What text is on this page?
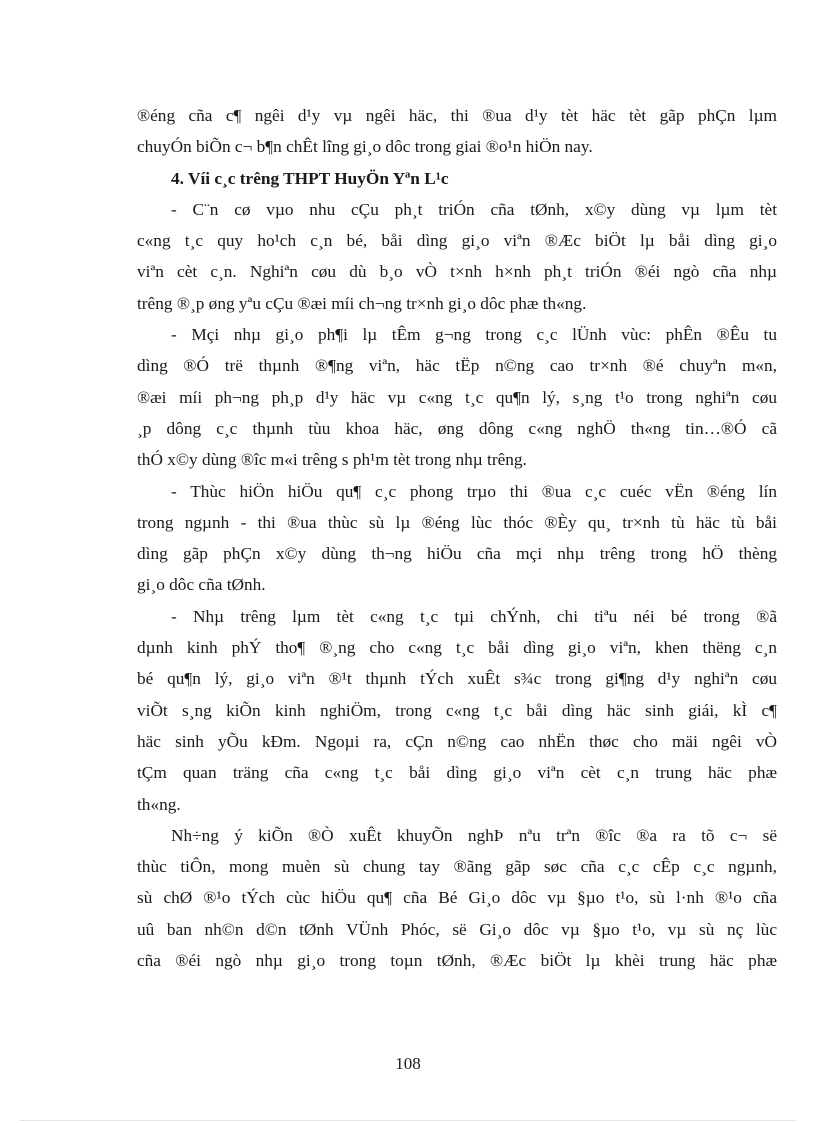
®éng cña c¶ ngêi d¹y vµ ngêi häc, thi ®ua d¹y tèt häc tèt gãp phÇn lµm
chuyÓn biÕn c¬ b¶n chÊt lîng gi¸o dôc trong giai ®o¹n hiÖn nay.
4. Víi c¸c trêng THPT HuyÖn Yªn L¹c
- C¨n cø vµo nhu cÇu ph¸t triÓn cña tØnh, x©y dùng vµ lµm tèt
c«ng t¸c quy ho¹ch c¸n bé, båi dìng gi¸o viªn ®Æc biÖt lµ båi dìng gi¸o
viªn cèt c¸n. Nghiªn cøu dù b¸o vÒ t×nh h×nh ph¸t triÓn ®éi ngò cña nhµ
trêng ®¸p øng yªu cÇu ®æi míi ch¬ng tr×nh gi¸o dôc phæ th«ng.
- Mçi nhµ gi¸o ph¶i lµ tÊm g¬ng trong c¸c lÜnh vùc: phÊn ®Êu tu
dìng ®Ó trë thµnh ®¶ng viªn, häc tËp n©ng cao tr×nh ®é chuyªn m«n,
®æi míi ph¬ng ph¸p d¹y häc vµ c«ng t¸c qu¶n lý, s¸ng t¹o trong nghiªn cøu
¸p dông c¸c thµnh tùu khoa häc, øng dông c«ng nghÖ th«ng tin…®Ó cã
thÓ x©y dùng ®îc m«i trêng s ph¹m tèt trong nhµ trêng.
- Thùc hiÖn hiÖu qu¶ c¸c phong trµo thi ®ua c¸c cuéc vËn ®éng lín
trong ngµnh - thi ®ua thùc sù lµ ®éng lùc thóc ®Èy qu¸ tr×nh tù häc tù båi
dìng gãp phÇn x©y dùng th¬ng hiÖu cña mçi nhµ trêng trong hÖ thèng
gi¸o dôc cña tØnh.
- Nhµ trêng lµm tèt c«ng t¸c tµi chÝnh, chi tiªu néi bé trong ®ã
dµnh kinh phÝ tho¶ ®¸ng cho c«ng t¸c båi dìng gi¸o viªn, khen thëng c¸n
bé qu¶n lý, gi¸o viªn ®¹t thµnh tÝch xuÊt s¾c trong gi¶ng d¹y nghiªn cøu
viÕt s¸ng kiÕn kinh nghiÖm, trong c«ng t¸c båi dìng häc sinh giái, kÌ c¶
häc sinh yÕu kÐm. Ngoµi ra, cÇn n©ng cao nhËn thøc cho mäi ngêi vÒ
tÇm quan träng cña c«ng t¸c båi dìng gi¸o viªn cèt c¸n trung häc phæ
th«ng.
Nh÷ng ý kiÕn ®Ò xuÊt khuyÕn nghÞ nªu trªn ®îc ®a ra tõ c¬ së
thùc tiÔn, mong muèn sù chung tay ®ãng gãp søc cña c¸c cÊp c¸c ngµnh,
sù chØ ®¹o tÝch cùc hiÖu qu¶ cña Bé Gi¸o dôc vµ §µo t¹o, sù l·nh ®¹o cña
uû ban nh©n d©n tØnh VÜnh Phóc, së Gi¸o dôc vµ §µo t¹o, vµ sù nç lùc
cña ®éi ngò nhµ gi¸o trong toµn tØnh, ®Æc biÖt lµ khèi trung häc phæ
108
